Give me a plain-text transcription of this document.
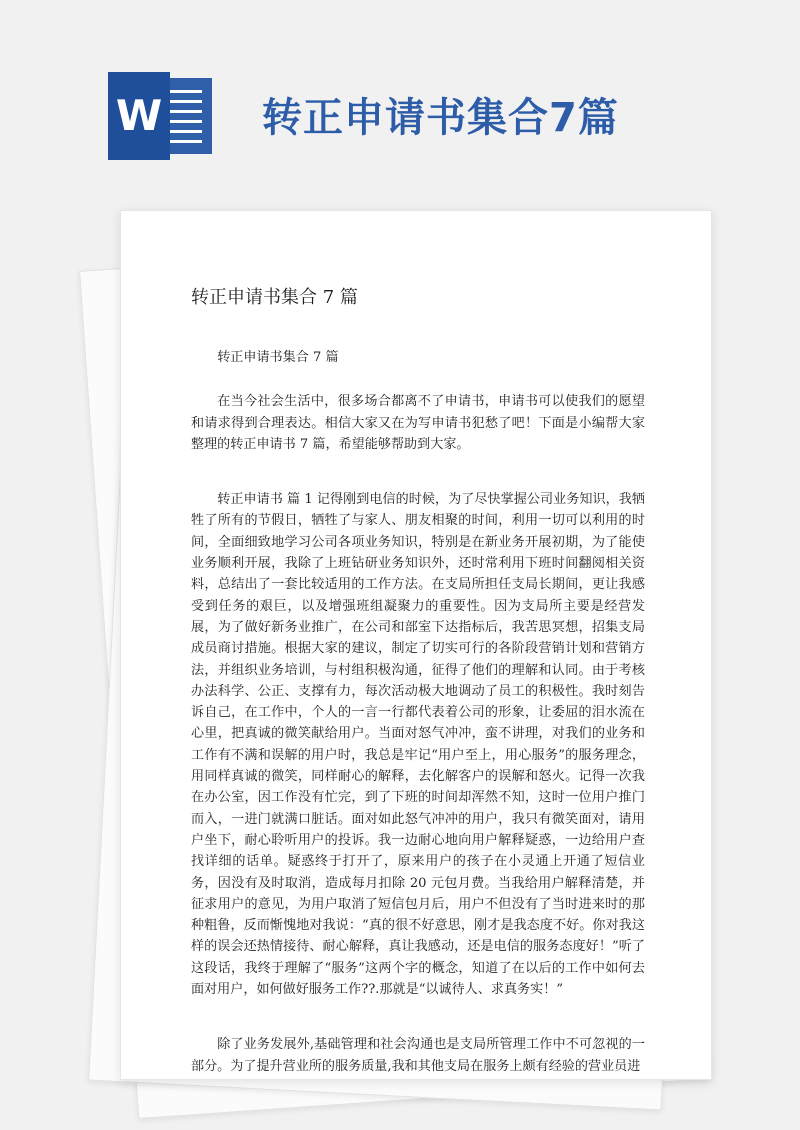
W 转正申请书集合7篇
转正申请书集合 7 篇

转正申请书集合 7 篇

在当今社会生活中，很多场合都离不了申请书，申请书可以使我们的愿望和请求得到合理表达。相信大家又在为写申请书犯愁了吧！下面是小编帮大家整理的转正申请书 7 篇，希望能够帮助到大家。

转正申请书 篇 1 记得刚到电信的时候，为了尽快掌握公司业务知识，我牺牲了所有的节假日，牺牲了与家人、朋友相聚的时间，利用一切可以利用的时间，全面细致地学习公司各项业务知识，特别是在新业务开展初期，为了能使业务顺利开展，我除了上班钻研业务知识外，还时常利用下班时间翻阅相关资料，总结出了一套比较适用的工作方法。在支局所担任支局长期间，更让我感受到任务的艰巨，以及增强班组凝聚力的重要性。因为支局所主要是经营发展，为了做好新务业推广，在公司和部室下达指标后，我苦思冥想，招集支局成员商讨措施。根据大家的建议，制定了切实可行的各阶段营销计划和营销方法，并组织业务培训，与村组积极沟通，征得了他们的理解和认同。由于考核办法科学、公正、支撑有力，每次活动极大地调动了员工的积极性。我时刻告诉自己，在工作中，个人的一言一行都代表着公司的形象，让委屈的泪水流在心里，把真诚的微笑献给用户。当面对怒气冲冲，蛮不讲理，对我们的业务和工作有不满和误解的用户时，我总是牢记“用户至上，用心服务”的服务理念，用同样真诚的微笑，同样耐心的解释，去化解客户的误解和怒火。记得一次我在办公室，因工作没有忙完，到了下班的时间却浑然不知，这时一位用户推门而入，一进门就满口脏话。面对如此怒气冲冲的用户，我只有微笑面对，请用户坐下，耐心聆听用户的投诉。我一边耐心地向用户解释疑惑，一边给用户查找详细的话单。疑惑终于打开了，原来用户的孩子在小灵通上开通了短信业务，因没有及时取消，造成每月扣除 20 元包月费。当我给用户解释清楚，并征求用户的意见，为用户取消了短信包月后，用户不但没有了当时进来时的那种粗鲁，反而惭愧地对我说：“真的很不好意思，刚才是我态度不好。你对我这样的误会还热情接待、耐心解释，真让我感动，还是电信的服务态度好！”听了这段话，我终于理解了“服务”这两个字的概念，知道了在以后的工作中如何去面对用户，如何做好服务工作??.那就是“以诚待人、求真务实！”

除了业务发展外,基础管理和社会沟通也是支局所管理工作中不可忽视的一部分。为了提升营业所的服务质量,我和其他支局在服务上颇有经验的营业员进
